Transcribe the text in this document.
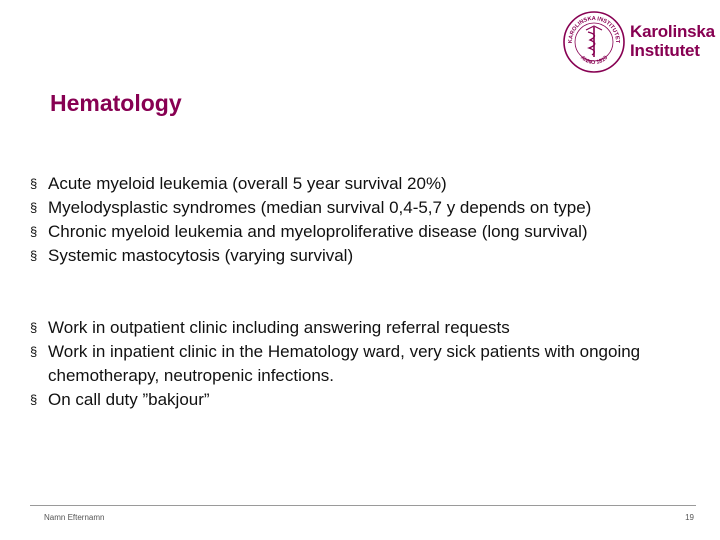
KAROLINSKA INSTITUTET
ANNO 1810
Karolinska
Institutet
Hematology
§ Acute myeloid leukemia (overall 5 year survival 20%)
§ Myelodysplastic syndromes (median survival 0,4-5,7 y depends on type)
§ Chronic myeloid leukemia and myeloproliferative disease (long survival)
§ Systemic mastocytosis (varying survival)
§ Work in outpatient clinic including answering referral requests
§ Work in inpatient clinic in the Hematology ward, very sick patients with ongoing chemotherapy, neutropenic infections.
§ On call duty ”bakjour”
Namn Efternamn	19
